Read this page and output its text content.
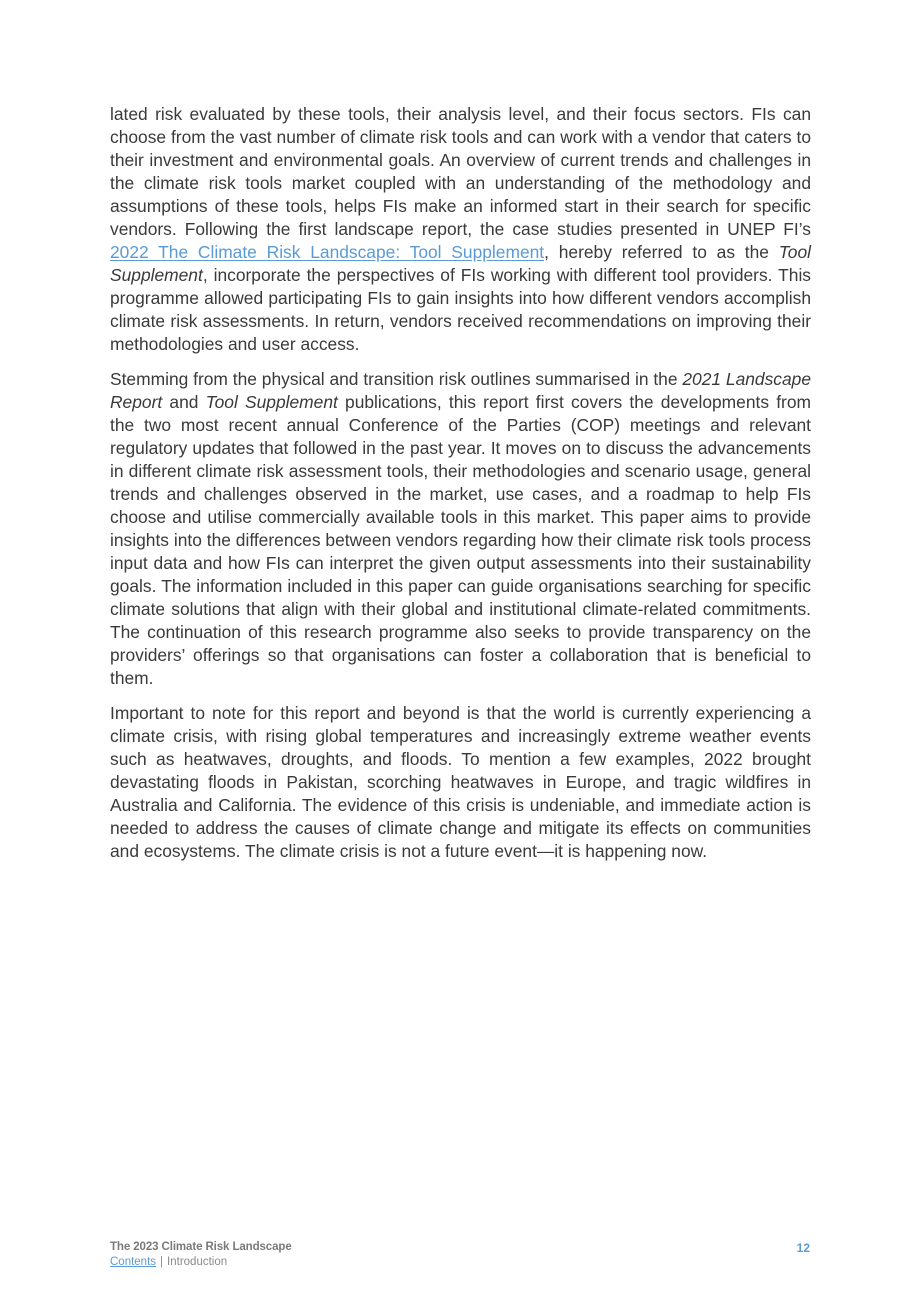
lated risk evaluated by these tools, their analysis level, and their focus sectors. FIs can choose from the vast number of climate risk tools and can work with a vendor that caters to their investment and environmental goals. An overview of current trends and challenges in the climate risk tools market coupled with an understanding of the methodology and assumptions of these tools, helps FIs make an informed start in their search for specific vendors. Following the first landscape report, the case studies presented in UNEP FI’s 2022 The Climate Risk Landscape: Tool Supplement, hereby referred to as the Tool Supplement, incorporate the perspectives of FIs working with different tool providers. This programme allowed participating FIs to gain insights into how different vendors accomplish climate risk assessments. In return, vendors received recommendations on improving their methodologies and user access.

Stemming from the physical and transition risk outlines summarised in the 2021 Landscape Report and Tool Supplement publications, this report first covers the developments from the two most recent annual Conference of the Parties (COP) meetings and relevant regulatory updates that followed in the past year. It moves on to discuss the advancements in different climate risk assessment tools, their methodologies and scenario usage, general trends and challenges observed in the market, use cases, and a roadmap to help FIs choose and utilise commercially available tools in this market. This paper aims to provide insights into the differences between vendors regarding how their climate risk tools process input data and how FIs can interpret the given output assessments into their sustainability goals. The information included in this paper can guide organisations searching for specific climate solutions that align with their global and institutional climate-related commitments. The continuation of this research programme also seeks to provide transparency on the providers’ offerings so that organisations can foster a collaboration that is beneficial to them.

Important to note for this report and beyond is that the world is currently experiencing a climate crisis, with rising global temperatures and increasingly extreme weather events such as heatwaves, droughts, and floods. To mention a few examples, 2022 brought devastating floods in Pakistan, scorching heatwaves in Europe, and tragic wildfires in Australia and California. The evidence of this crisis is undeniable, and immediate action is needed to address the causes of climate change and mitigate its effects on communities and ecosystems. The climate crisis is not a future event—it is happening now.

The 2023 Climate Risk Landscape
Contents | Introduction
12
